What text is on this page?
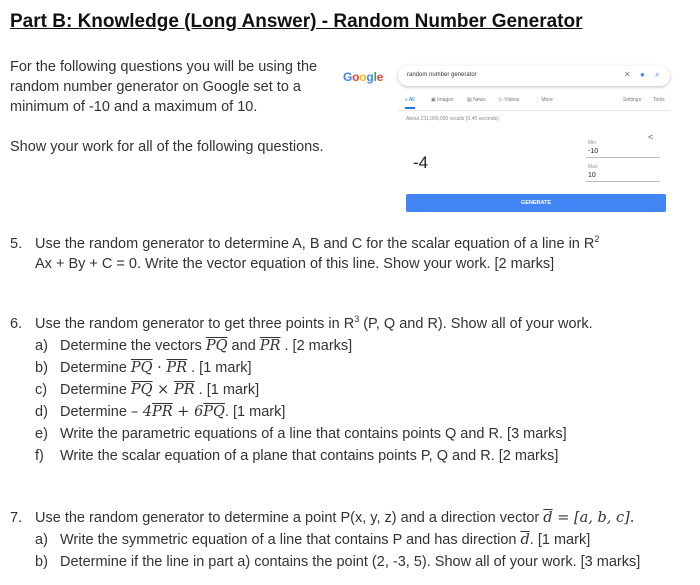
Part B: Knowledge (Long Answer) - Random Number Generator
For the following questions you will be using the random number generator on Google set to a minimum of -10 and a maximum of 10.
Show your work for all of the following questions.
Google	random number generator	✕ ● ⌕
⌕ All	▣ Images	▤ News	▷ Videos	⋮ More	Settings Tools
About 231,000,000 results (0.40 seconds)
-4
<
Min
-10
Max
10
GENERATE
5. Use the random generator to determine A, B and C for the scalar equation of a line in $R^2$
Ax + By + C = 0. Write the vector equation of this line. Show your work. [2 marks]
6. Use the random generator to get three points in $R^3$ (P, Q and R). Show all of your work.
a) Determine the vectors $\overline{PQ}$ and $\overline{PR}$ . [2 marks]
b) Determine $\overline{PQ} \cdot \overline{PR}$ . [1 mark]
c) Determine $\overline{PQ} \times \overline{PR}$ . [1 mark]
d) Determine – $4\overline{PR} + 6\overline{PQ}$. [1 mark]
e) Write the parametric equations of a line that contains points Q and R. [3 marks]
f) Write the scalar equation of a plane that contains points P, Q and R. [2 marks]
7. Use the random generator to determine a point P(x, y, z) and a direction vector $\overline{d} = [a$, b, c].
a) Write the symmetric equation of a line that contains P and has direction $\overline{d}$. [1 mark]
b) Determine if the line in part a) contains the point (2, -3, 5). Show all of your work. [3 marks]
